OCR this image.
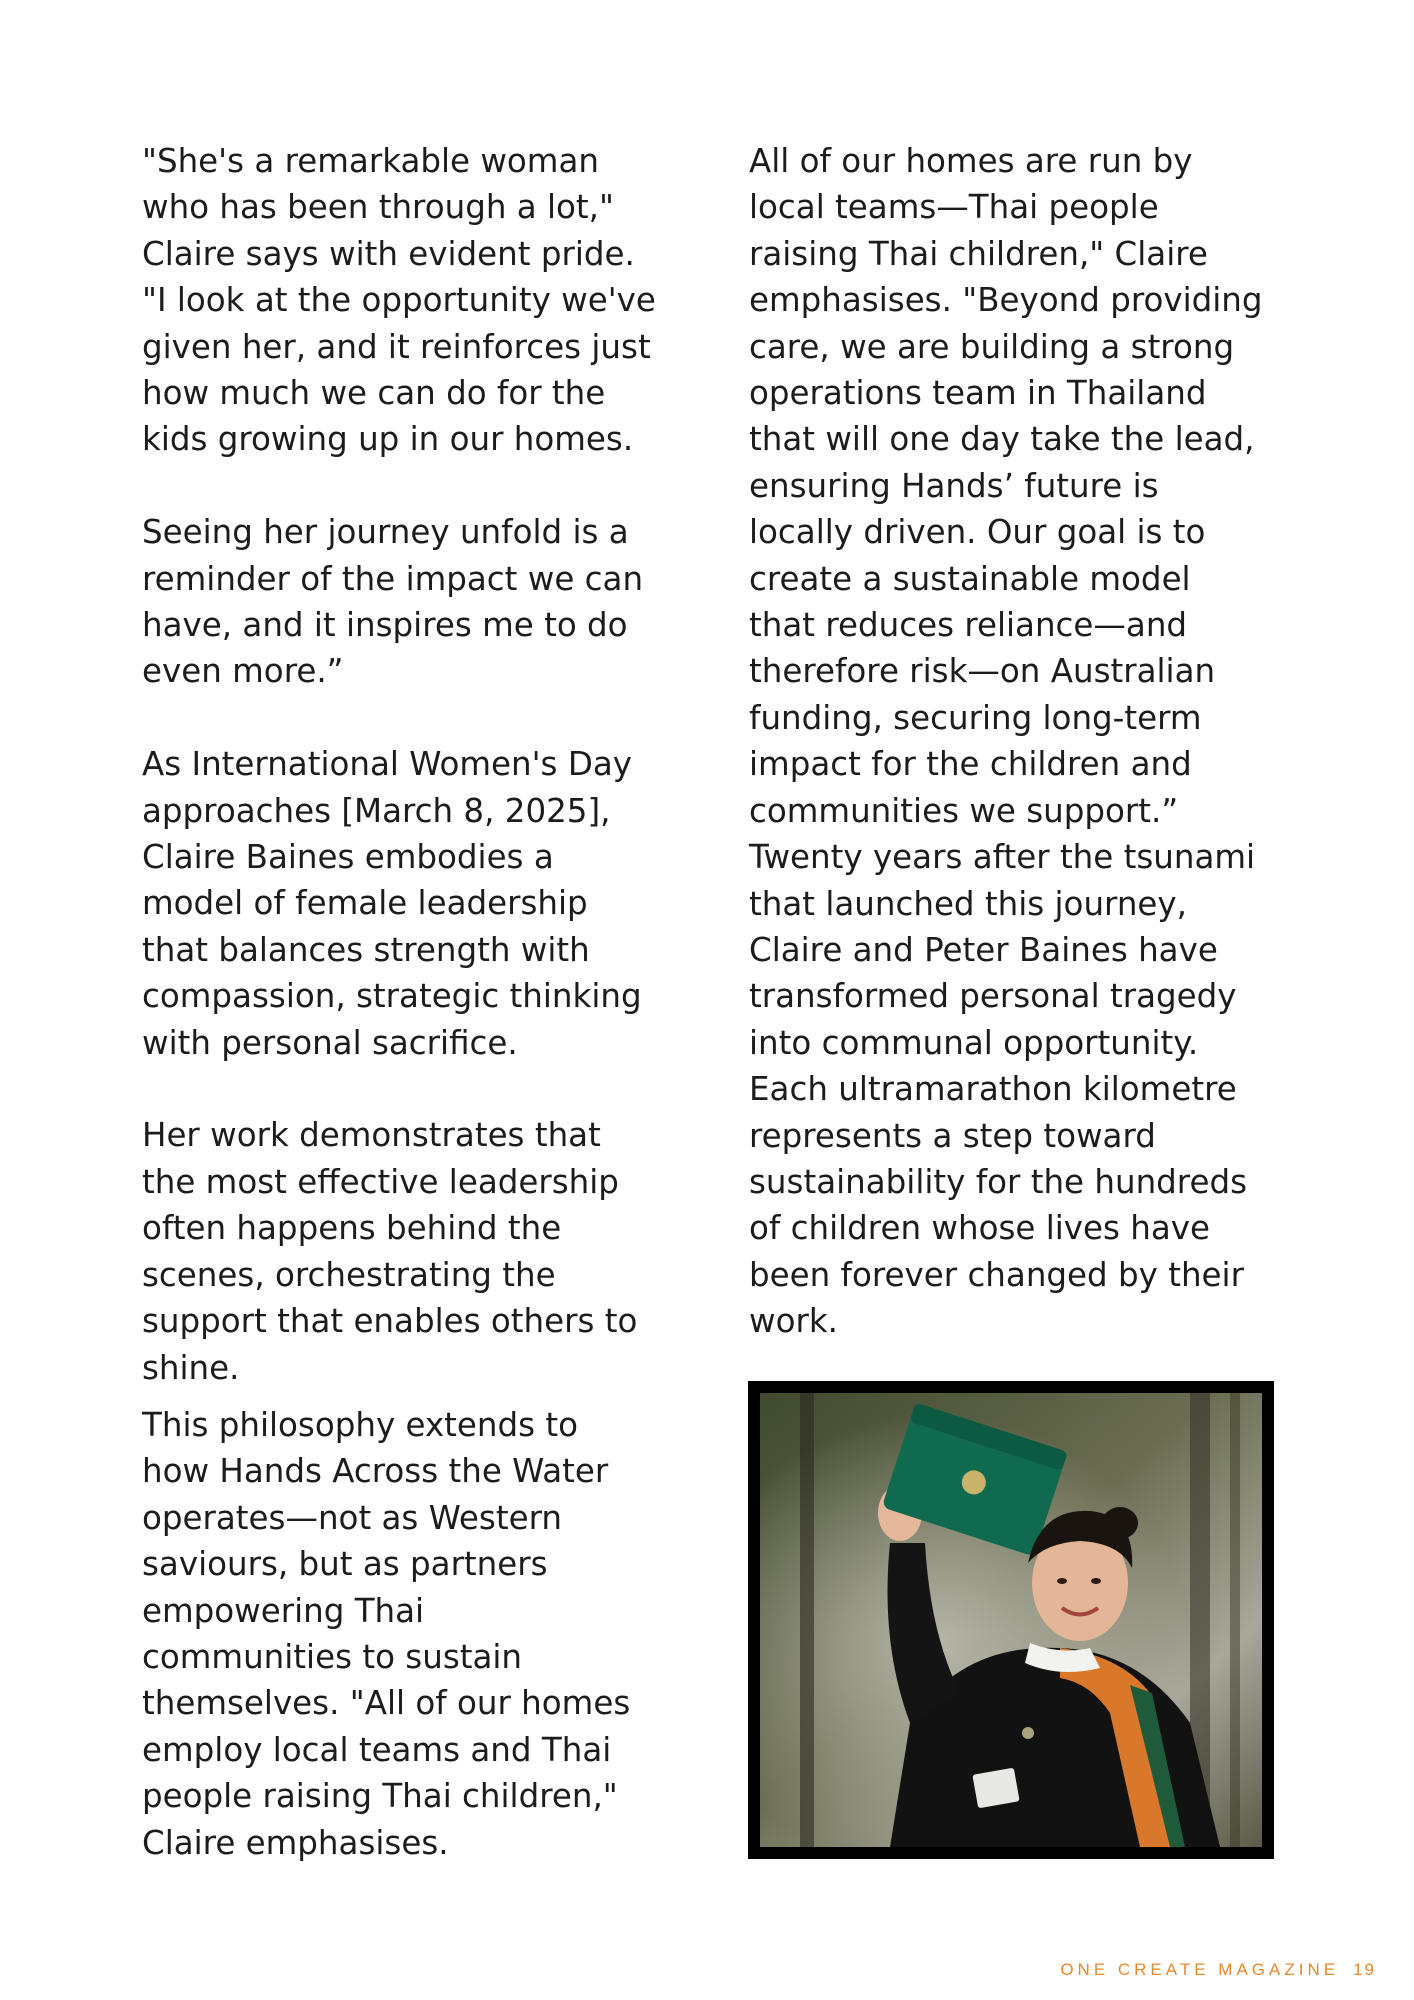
"She's a remarkable woman
who has been through a lot,"
Claire says with evident pride.
"I look at the opportunity we've
given her, and it reinforces just
how much we can do for the
kids growing up in our homes.

Seeing her journey unfold is a
reminder of the impact we can
have, and it inspires me to do
even more.”

As International Women's Day
approaches [March 8, 2025],
Claire Baines embodies a
model of female leadership
that balances strength with
compassion, strategic thinking
with personal sacrifice.

Her work demonstrates that
the most effective leadership
often happens behind the
scenes, orchestrating the
support that enables others to
shine.

This philosophy extends to
how Hands Across the Water
operates—not as Western
saviours, but as partners
empowering Thai
communities to sustain
themselves. "All of our homes
employ local teams and Thai
people raising Thai children,"
Claire emphasises.

All of our homes are run by
local teams—Thai people
raising Thai children," Claire
emphasises. "Beyond providing
care, we are building a strong
operations team in Thailand
that will one day take the lead,
ensuring Hands’ future is
locally driven. Our goal is to
create a sustainable model
that reduces reliance—and
therefore risk—on Australian
funding, securing long-term
impact for the children and
communities we support.”
Twenty years after the tsunami
that launched this journey,
Claire and Peter Baines have
transformed personal tragedy
into communal opportunity.
Each ultramarathon kilometre
represents a step toward
sustainability for the hundreds
of children whose lives have
been forever changed by their
work.

ONE CREATE MAGAZINE 19
